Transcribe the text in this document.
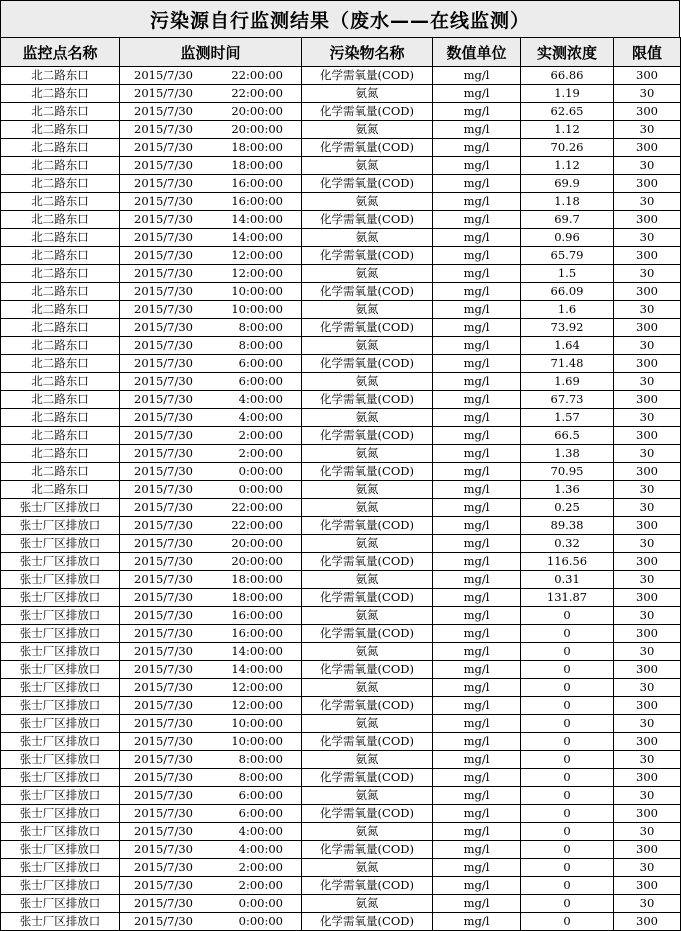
污染源自行监测结果（废水——在线监测）
监控点名称	监测时间	污染物名称	数值单位	实测浓度	限值
北二路东口	2015/7/30 22:00:00	化学需氧量(COD)	mg/l	66.86	300
北二路东口	2015/7/30 22:00:00	氨氮	mg/l	1.19	30
北二路东口	2015/7/30 20:00:00	化学需氧量(COD)	mg/l	62.65	300
北二路东口	2015/7/30 20:00:00	氨氮	mg/l	1.12	30
北二路东口	2015/7/30 18:00:00	化学需氧量(COD)	mg/l	70.26	300
北二路东口	2015/7/30 18:00:00	氨氮	mg/l	1.12	30
北二路东口	2015/7/30 16:00:00	化学需氧量(COD)	mg/l	69.9	300
北二路东口	2015/7/30 16:00:00	氨氮	mg/l	1.18	30
北二路东口	2015/7/30 14:00:00	化学需氧量(COD)	mg/l	69.7	300
北二路东口	2015/7/30 14:00:00	氨氮	mg/l	0.96	30
北二路东口	2015/7/30 12:00:00	化学需氧量(COD)	mg/l	65.79	300
北二路东口	2015/7/30 12:00:00	氨氮	mg/l	1.5	30
北二路东口	2015/7/30 10:00:00	化学需氧量(COD)	mg/l	66.09	300
北二路东口	2015/7/30 10:00:00	氨氮	mg/l	1.6	30
北二路东口	2015/7/30 8:00:00	化学需氧量(COD)	mg/l	73.92	300
北二路东口	2015/7/30 8:00:00	氨氮	mg/l	1.64	30
北二路东口	2015/7/30 6:00:00	化学需氧量(COD)	mg/l	71.48	300
北二路东口	2015/7/30 6:00:00	氨氮	mg/l	1.69	30
北二路东口	2015/7/30 4:00:00	化学需氧量(COD)	mg/l	67.73	300
北二路东口	2015/7/30 4:00:00	氨氮	mg/l	1.57	30
北二路东口	2015/7/30 2:00:00	化学需氧量(COD)	mg/l	66.5	300
北二路东口	2015/7/30 2:00:00	氨氮	mg/l	1.38	30
北二路东口	2015/7/30 0:00:00	化学需氧量(COD)	mg/l	70.95	300
北二路东口	2015/7/30 0:00:00	氨氮	mg/l	1.36	30
张士厂区排放口	2015/7/30 22:00:00	氨氮	mg/l	0.25	30
张士厂区排放口	2015/7/30 22:00:00	化学需氧量(COD)	mg/l	89.38	300
张士厂区排放口	2015/7/30 20:00:00	氨氮	mg/l	0.32	30
张士厂区排放口	2015/7/30 20:00:00	化学需氧量(COD)	mg/l	116.56	300
张士厂区排放口	2015/7/30 18:00:00	氨氮	mg/l	0.31	30
张士厂区排放口	2015/7/30 18:00:00	化学需氧量(COD)	mg/l	131.87	300
张士厂区排放口	2015/7/30 16:00:00	氨氮	mg/l	0	30
张士厂区排放口	2015/7/30 16:00:00	化学需氧量(COD)	mg/l	0	300
张士厂区排放口	2015/7/30 14:00:00	氨氮	mg/l	0	30
张士厂区排放口	2015/7/30 14:00:00	化学需氧量(COD)	mg/l	0	300
张士厂区排放口	2015/7/30 12:00:00	氨氮	mg/l	0	30
张士厂区排放口	2015/7/30 12:00:00	化学需氧量(COD)	mg/l	0	300
张士厂区排放口	2015/7/30 10:00:00	氨氮	mg/l	0	30
张士厂区排放口	2015/7/30 10:00:00	化学需氧量(COD)	mg/l	0	300
张士厂区排放口	2015/7/30 8:00:00	氨氮	mg/l	0	30
张士厂区排放口	2015/7/30 8:00:00	化学需氧量(COD)	mg/l	0	300
张士厂区排放口	2015/7/30 6:00:00	氨氮	mg/l	0	30
张士厂区排放口	2015/7/30 6:00:00	化学需氧量(COD)	mg/l	0	300
张士厂区排放口	2015/7/30 4:00:00	氨氮	mg/l	0	30
张士厂区排放口	2015/7/30 4:00:00	化学需氧量(COD)	mg/l	0	300
张士厂区排放口	2015/7/30 2:00:00	氨氮	mg/l	0	30
张士厂区排放口	2015/7/30 2:00:00	化学需氧量(COD)	mg/l	0	300
张士厂区排放口	2015/7/30 0:00:00	氨氮	mg/l	0	30
张士厂区排放口	2015/7/30 0:00:00	化学需氧量(COD)	mg/l	0	300
